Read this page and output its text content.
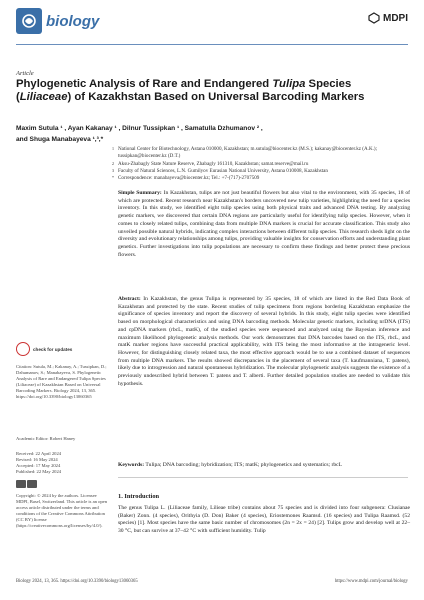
biology	MDPI
Article
Phylogenetic Analysis of Rare and Endangered Tulipa Species (Liliaceae) of Kazakhstan Based on Universal Barcoding Markers
Maxim Sutula ¹ , Ayan Kakanay ¹ , Dilnur Tussipkan ¹ , Samatulla Dzhumanov ² ,
and Shuga Manabayeva ¹,³,*
1 National Center for Biotechnology, Astana 010000, Kazakhstan; m.sutula@biocenter.kz (M.S.); kakanay@biocenter.kz (A.K.); tussipkan@biocenter.kz (D.T.)
2 Aksu-Zhabagly State Nature Reserve, Zhabagly 161310, Kazakhstan; samat.reserve@mail.ru
3 Faculty of Natural Sciences, L.N. Gumilyov Eurasian National University, Astana 010008, Kazakhstan
* Correspondence: manabayeva@biocenter.kz; Tel.: +7-(717)-2707509
Simple Summary: In Kazakhstan, tulips are not just beautiful flowers but also vital to the environment, with 35 species, 18 of which are protected. Recent research near Kazakhstan's borders uncovered new tulip varieties, highlighting the need for a species inventory. In this study, we identified eight tulip species using both physical traits and advanced DNA testing. By analyzing genetic markers, we discovered that certain DNA regions are particularly useful for identifying tulip species. However, when it comes to closely related tulips, combining data from multiple DNA markers is crucial for accurate classification. This study also unveiled possible natural hybrids, indicating complex interactions between different tulip species. This research sheds light on the diversity and evolutionary relationships among tulips, providing valuable insights for conservation efforts and understanding plant genetics. Further investigations into tulip populations are necessary to confirm these findings and better protect these precious flowers.
Abstract: In Kazakhstan, the genus Tulipa is represented by 35 species, 18 of which are listed in the Red Data Book of Kazakhstan and protected by the state. Recent studies of tulip specimens from regions bordering Kazakhstan emphasize the significance of species inventory and report the discovery of several hybrids. In this study, eight tulip species were identified based on morphological characteristics and using DNA barcoding methods. Molecular genetic markers, including nrDNA (ITS) and cpDNA markers (rbcL, matK), of the studied species were sequenced and analyzed using the Bayesian inference and maximum likelihood phylogenetic analysis methods. Our work demonstrates that DNA barcodes based on the ITS, rbcL, and matK marker regions have successful practical applicability, with ITS being the most informative at the intrageneric level. However, for distinguishing closely related taxa, the most effective approach would be to use a combined dataset of sequences from multiple DNA markers. The results showed discrepancies in the placement of several taxa (T. kaufmanniana, T. patens), likely due to introgression and natural spontaneous hybridization. The molecular phylogenetic analysis suggests the existence of a previously undescribed hybrid between T. patens and T. alberti. Further detailed population studies are needed to validate this hypothesis.
Keywords: Tulipa; DNA barcoding; hybridization; ITS; matK; phylogenetics and systematics; rbcL
check for updates
Citation: Sutula, M.; Kakanay, A.; Tussipkan, D.; Dzhumanov, S.; Manabayeva, S. Phylogenetic Analysis of Rare and Endangered Tulipa Species (Liliaceae) of Kazakhstan Based on Universal Barcoding Markers. Biology 2024, 13, 365. https://doi.org/10.3390/biology13060365
Academic Editor: Robert Haney
Received: 22 April 2024
Revised: 16 May 2024
Accepted: 17 May 2024
Published: 22 May 2024
Copyright: © 2024 by the authors. Licensee MDPI, Basel, Switzerland. This article is an open access article distributed under the terms and conditions of the Creative Commons Attribution (CC BY) license (https://creativecommons.org/licenses/by/4.0/).
1. Introduction
The genus Tulipa L. (Liliaceae family, Lilieae tribe) contains about 75 species and is divided into four subgenera: Clusianae (Baker) Zonn. (4 species), Orithyia (D. Don) Baker (4 species), Eriostemones Raamsd. (16 species) and Tulipa Raamsd. (52 species) [1]. Most species have the same basic number of chromosomes (2n = 2x = 24) [2]. Tulips grow and develop well at 22–30 °C, but can survive at 37–42 °C with sufficient humidity. Tulip
Biology 2024, 13, 365. https://doi.org/10.3390/biology13060365	https://www.mdpi.com/journal/biology
